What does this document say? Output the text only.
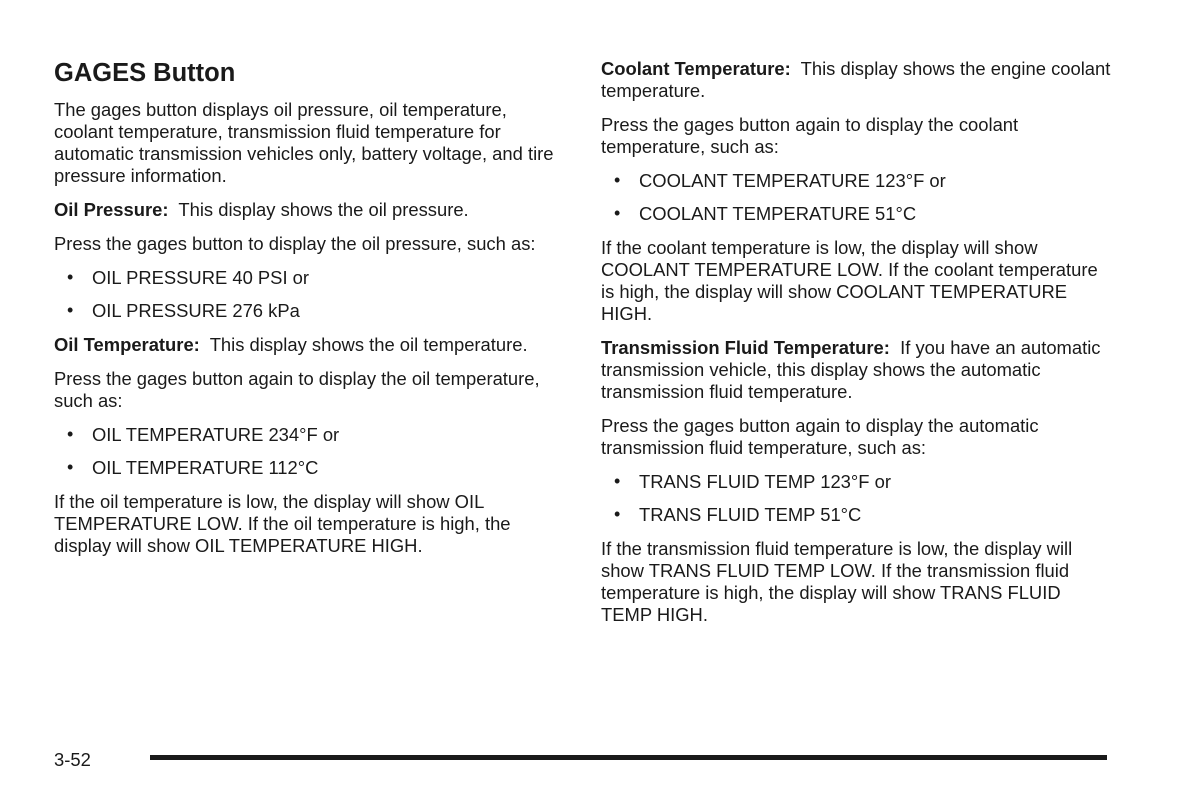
GAGES Button

The gages button displays oil pressure, oil temperature, coolant temperature, transmission fluid temperature for automatic transmission vehicles only, battery voltage, and tire pressure information.

Oil Pressure: This display shows the oil pressure.

Press the gages button to display the oil pressure, such as:

• OIL PRESSURE 40 PSI or
• OIL PRESSURE 276 kPa

Oil Temperature: This display shows the oil temperature.

Press the gages button again to display the oil temperature, such as:

• OIL TEMPERATURE 234°F or
• OIL TEMPERATURE 112°C

If the oil temperature is low, the display will show OIL TEMPERATURE LOW. If the oil temperature is high, the display will show OIL TEMPERATURE HIGH.

Coolant Temperature: This display shows the engine coolant temperature.

Press the gages button again to display the coolant temperature, such as:

• COOLANT TEMPERATURE 123°F or
• COOLANT TEMPERATURE 51°C

If the coolant temperature is low, the display will show COOLANT TEMPERATURE LOW. If the coolant temperature is high, the display will show COOLANT TEMPERATURE HIGH.

Transmission Fluid Temperature: If you have an automatic transmission vehicle, this display shows the automatic transmission fluid temperature.

Press the gages button again to display the automatic transmission fluid temperature, such as:

• TRANS FLUID TEMP 123°F or
• TRANS FLUID TEMP 51°C

If the transmission fluid temperature is low, the display will show TRANS FLUID TEMP LOW. If the transmission fluid temperature is high, the display will show TRANS FLUID TEMP HIGH.

3-52
